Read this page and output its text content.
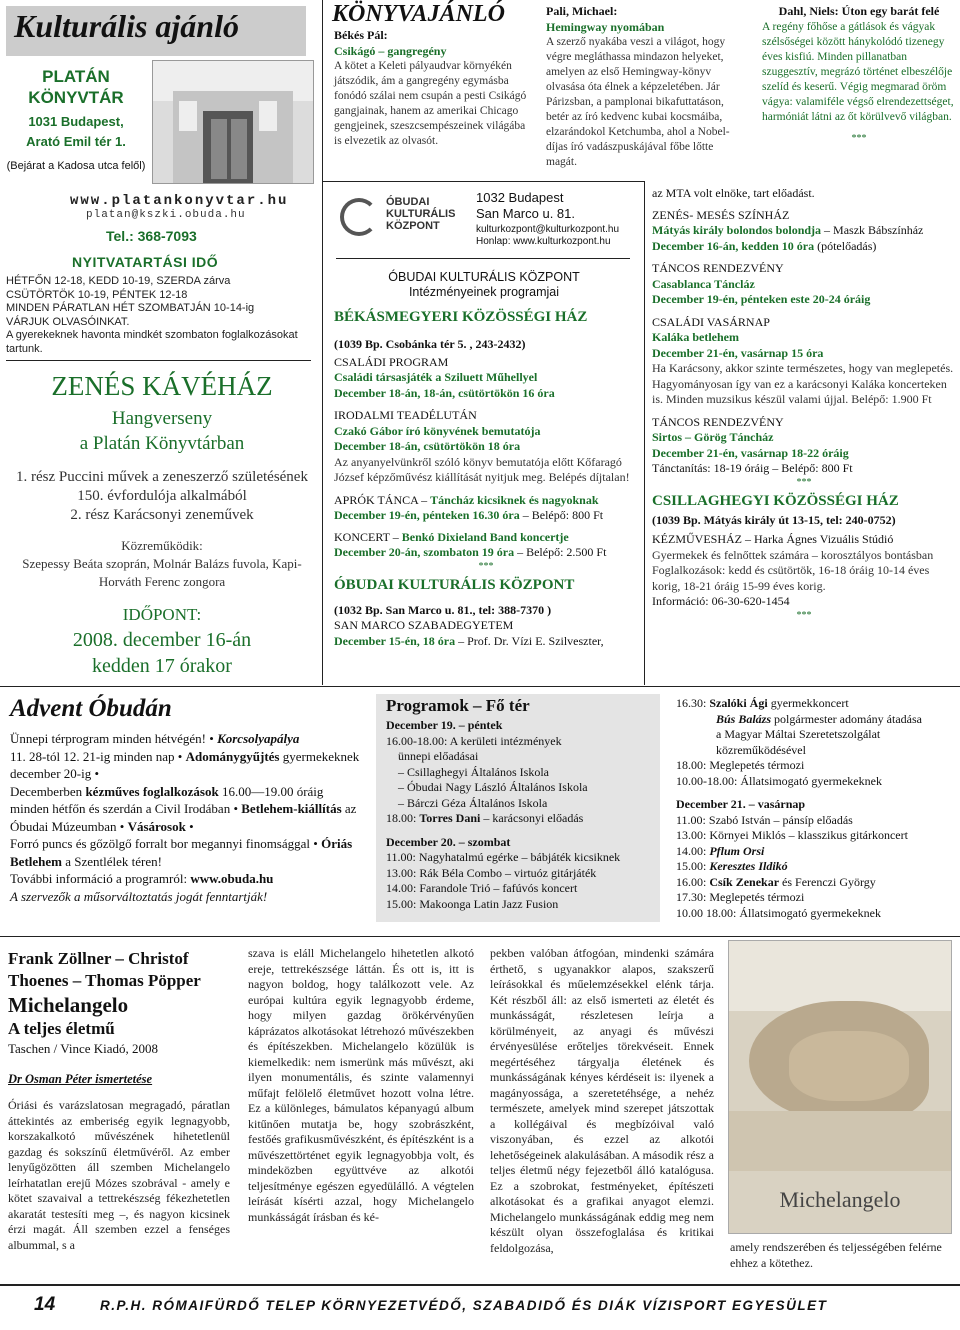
Kulturális ajánló
PLATÁN
KÖNYVTÁR
1031 Budapest,
Arató Emil tér 1.
(Bejárat a Kadosa utca felől)
www.platankonyvtar.hu
platan@kszki.obuda.hu
Tel.: 368-7093
NYITVATARTÁSI IDŐ
HÉTFŐN 12-18, KEDD 10-19, SZERDA zárva
CSÜTÖRTÖK 10-19, PÉNTEK 12-18
MINDEN PÁRATLAN HÉT SZOMBATJÁN 10-14-ig
VÁRJUK OLVASÓINKAT.
A gyerekeknek havonta mindkét szombaton foglalkozásokat tartunk.
ZENÉS KÁVÉHÁZ
Hangverseny
a Platán Könyvtárban
1. rész Puccini művek a zeneszerző születésének 150. évfordulója alkalmából
2. rész Karácsonyi zeneművek
Közreműködik:
Szepessy Beáta szoprán, Molnár Balázs fuvola, Kapi-Horváth Ferenc zongora
IDŐPONT:
2008. december 16-án
kedden 17 órakor
KÖNYVAJÁNLÓ
Békés Pál:
Csikágó – gangregény
A kötet a Keleti pályaudvar környékén játszódik, ám a gangregény egymásba fonódó szálai nem csupán a pesti Csikágó gangjainak, hanem az amerikai Chicago gengjeinek, szeszcsempészeinek világába is elvezetik az olvasót.
Pali, Michael:
Hemingway nyomában
A szerző nyakába veszi a világot, hogy végre megláthassa mindazon helyeket, amelyen az első Hemingway-könyv olvasása óta élnek a képzeletében. Jár Párizsban, a pamplonai bikafuttatáson, betér az író kedvenc kubai kocsmáiba, elzarándokol Ketchumba, ahol a Nobel-díjas író vadászpuskájával főbe lőtte magát.
Dahl, Niels: Úton egy barát felé
A regény főhőse a gátlások és vágyak szélsőségei között hánykolódó tizenegy éves kisfiú. Minden pillanatban szuggesztív, megrázó történet elbeszélője szelíd és keserű. Végig megmarad öröm vágya: valamiféle végső elrendezettséget, harmóniát látni az őt körülvevő világban.
***
ÓBUDAI
KULTURÁLIS
KÖZPONT
1032 Budapest
San Marco u. 81.
kulturkozpont@kulturkozpont.hu
Honlap: www.kulturkozpont.hu
ÓBUDAI KULTURÁLIS KÖZPONT
Intézményeinek programjai
BÉKÁSMEGYERI KÖZÖSSÉGI HÁZ
(1039 Bp. Csobánka tér 5. , 243-2432)
CSALÁDI PROGRAM
Családi társasjáték a Sziluett Műhellyel
December 18-án, 18-án, csütörtökön 16 óra
IRODALMI TEADÉLUTÁN
Czakó Gábor író könyvének bemutatója
December 18-án, csütörtökön 18 óra
Az anyanyelvünkről szóló könyv bemutatója előtt Kőfaragó József képzőművész kiállítását nyitjuk meg. Belépés díjtalan!
APRÓK TÁNCA – Táncház kicsiknek és nagyoknak
December 19-én, pénteken 16.30 óra – Belépő: 800 Ft
KONCERT – Benkó Dixieland Band koncertje
December 20-án, szombaton 19 óra – Belépő: 2.500 Ft
***
ÓBUDAI KULTURÁLIS KÖZPONT
(1032 Bp. San Marco u. 81., tel: 388-7370 )
SAN MARCO SZABADEGYETEM
December 15-én, 18 óra – Prof. Dr. Vízi E. Szilveszter,
az MTA volt elnöke, tart előadást.
ZENÉS- MESÉS SZÍNHÁZ
Mátyás király bolondos bolondja – Maszk Bábszínház
December 16-án, kedden 10 óra (pótelőadás)
TÁNCOS RENDEZVÉNY
Casablanca Táncláz
December 19-én, pénteken este 20-24 óráig
CSALÁDI VASÁRNAP
Kaláka betlehem
December 21-én, vasárnap 15 óra
Ha Karácsony, akkor szinte természetes, hogy van meglepetés. Hagyományosan így van ez a karácsonyi Kaláka koncerteken is. Minden muzsikus készül valami újjal. Belépő: 1.900 Ft
TÁNCOS RENDEZVÉNY
Sirtos – Görög Táncház
December 21-én, vasárnap 18-22 óráig
Tánctanítás: 18-19 óráig – Belépő: 800 Ft
***
CSILLAGHEGYI KÖZÖSSÉGI HÁZ
(1039 Bp. Mátyás király út 13-15, tel: 240-0752)
KÉZMŰVESHÁZ – Harka Ágnes Vizuális Stúdió
Gyermekek és felnőttek számára – korosztályos bontásban
Foglalkozások: kedd és csütörtök, 16-18 óráig 10-14 éves korig, 18-21 óráig 15-99 éves korig.
Információ: 06-30-620-1454
***
Advent Óbudán
Ünnepi térprogram minden hétvégén! • Korcsolyapálya
11. 28-tól 12. 21-ig minden nap • Adománygyűjtés gyermekeknek december 20-ig •
Decemberben kézműves foglalkozások 16.00—19.00 óráig minden hétfőn és szerdán a Civil Irodában • Betlehem-kiállítás az Óbudai Múzeumban • Vásárosok •
Forró puncs és gőzölgő forralt bor megannyi finomsággal • Óriás Betlehem a Szentlélek téren!
További információ a programról: www.obuda.hu
A szervezők a műsorváltoztatás jogát fenntartják!
Programok – Fő tér
December 19. – péntek
16.00-18.00: A kerületi intézmények
ünnepi előadásai
– Csillaghegyi Általános Iskola
– Óbudai Nagy László Általános Iskola
– Bárczi Géza Általános Iskola
18.00: Torres Dani – karácsonyi előadás
December 20. – szombat
11.00: Nagyhatalmú egérke – bábjáték kicsiknek
13.00: Rák Béla Combo – virtuóz gitárjáték
14.00: Farandole Trió – fafúvós koncert
15.00: Makoonga Latin Jazz Fusion
16.30: Szalóki Ági gyermekkoncert
Bús Balázs polgármester adomány átadása
a Magyar Máltai Szeretetszolgálat
közreműködésével
18.00: Meglepetés térmozi
10.00-18.00: Állatsimogató gyermekeknek
December 21. – vasárnap
11.00: Szabó István – pánsíp előadás
13.00: Környei Miklós – klasszikus gitárkoncert
14.00: Pflum Orsi
15.00: Keresztes Ildikó
16.00: Csík Zenekar és Ferenczi György
17.30: Meglepetés térmozi
10.00 18.00: Állatsimogató gyermekeknek
Frank Zöllner – Christof
Thoenes – Thomas Pöpper
Michelangelo
A teljes életmű
Taschen / Vince Kiadó, 2008
Dr Osman Péter ismertetése
Óriási és varázslatosan megragadó, páratlan áttekintés az emberiség egyik legnagyobb, korszakalkotó művészének hihetetlenül gazdag és sokszínű életművéről. Az ember lenyűgözötten áll szemben Michelangelo leírhatatlan erejű Mózes szobrával - amely e kötet szavaival a tettrekészség fékezhetetlen akaratát testesíti meg –, és nagyon kicsinek érzi magát. Áll szemben ezzel a fenséges albummal, s a
szava is eláll Michelangelo hihetetlen alkotó ereje, tettrekészsége láttán. És ott is, itt is nagyon boldog, hogy találkozott vele. Az európai kultúra egyik legnagyobb érdeme, hogy milyen gazdag örökérvényűen káprázatos alkotásokat létrehozó művészekben és építészekben. Michelangelo közülük is kiemelkedik: nem ismerünk más művészt, aki ilyen monumentális, és szinte valamennyi műfajt felölelő életművet hozott volna létre. Ez a különleges, bámulatos képanyagú album kitűnően mutatja be, hogy szobrászként, festőés grafikusművészként, és építészként is a művészettörténet egyik legnagyobbja volt, és mindeközben együttvéve az alkotói teljesítménye egészen egyedülálló. A végtelen leírását kísérti azzal, hogy Michelangelo munkásságát írásban és ké-
pekben valóban átfogóan, mindenki számára érthető, s ugyanakkor alapos, szakszerű leírásokkal és műelemzésekkel elénk tárja. Két részből áll: az első ismerteti az életét és munkásságát, részletesen leírja a körülményeit, az anyagi és művészi érvényesülése erőteljes törekvéseit. Ennek megértéséhez tárgyalja életének és munkásságának kényes kérdéseit is: ilyenek a magányossága, a szeretetéhsége, a nehéz természete, amelyek mind szerepet játszottak a kollégáival és megbízóival való viszonyában, és ezzel az alkotói lehetőségeinek alakulásában. A második rész a teljes életmű négy fejezetből álló katalógusa. Ez a szobrokat, festményeket, építészeti alkotásokat és a grafikai anyagot elemzi. Michelangelo munkásságának eddig meg nem készült olyan összefoglalása és kritikai feldolgozása,
Michelangelo
amely rendszerében és teljességében felérne ehhez a kötethez.
14	R.P.H. RÓMAIFÜRDŐ TELEP KÖRNYEZETVÉDŐ, SZABADIDŐ ÉS DIÁK VÍZISPORT EGYESÜLET
